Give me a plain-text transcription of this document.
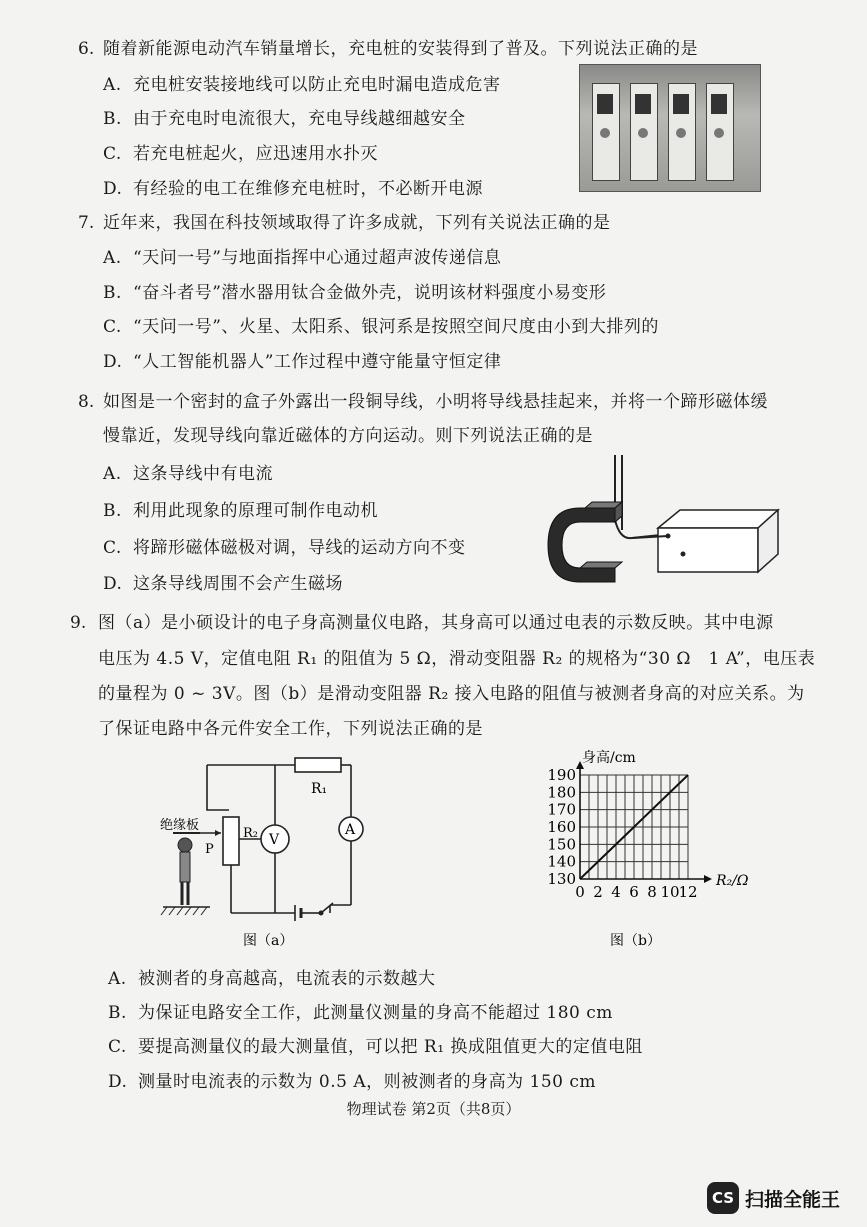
6. 随着新能源电动汽车销量增长，充电桩的安装得到了普及。下列说法正确的是
A. 充电桩安装接地线可以防止充电时漏电造成危害
B. 由于充电时电流很大，充电导线越细越安全
C. 若充电桩起火，应迅速用水扑灭
D. 有经验的电工在维修充电桩时，不必断开电源
7. 近年来，我国在科技领域取得了许多成就，下列有关说法正确的是
A. “天问一号”与地面指挥中心通过超声波传递信息
B. “奋斗者号”潜水器用钛合金做外壳，说明该材料强度小易变形
C. “天问一号”、火星、太阳系、银河系是按照空间尺度由小到大排列的
D. “人工智能机器人”工作过程中遵守能量守恒定律
8. 如图是一个密封的盒子外露出一段铜导线，小明将导线悬挂起来，并将一个蹄形磁体缓
慢靠近，发现导线向靠近磁体的方向运动。则下列说法正确的是
A. 这条导线中有电流
B. 利用此现象的原理可制作电动机
C. 将蹄形磁体磁极对调，导线的运动方向不变
D. 这条导线周围不会产生磁场
9. 图（a）是小硕设计的电子身高测量仪电路，其身高可以通过电表的示数反映。其中电源
电压为 4.5 V，定值电阻 R₁ 的阻值为 5 Ω，滑动变阻器 R₂ 的规格为“30 Ω　1 A”，电压表
的量程为 0 ~ 3V。图（b）是滑动变阻器 R₂ 接入电路的阻值与被测者身高的对应关系。为
了保证电路中各元件安全工作，下列说法正确的是
R₁
R₂
P
V
A
绝缘板
图（a）
身高/cm
R₂/Ω
130
140
150
160
170
180
190
0 2 4 6 8 10
12
图（b）
A. 被测者的身高越高，电流表的示数越大
B. 为保证电路安全工作，此测量仪测量的身高不能超过 180 cm
C. 要提高测量仪的最大测量值，可以把 R₁ 换成阻值更大的定值电阻
D. 测量时电流表的示数为 0.5 A，则被测者的身高为 150 cm
物理试卷 第2页（共8页）
CS 扫描全能王
